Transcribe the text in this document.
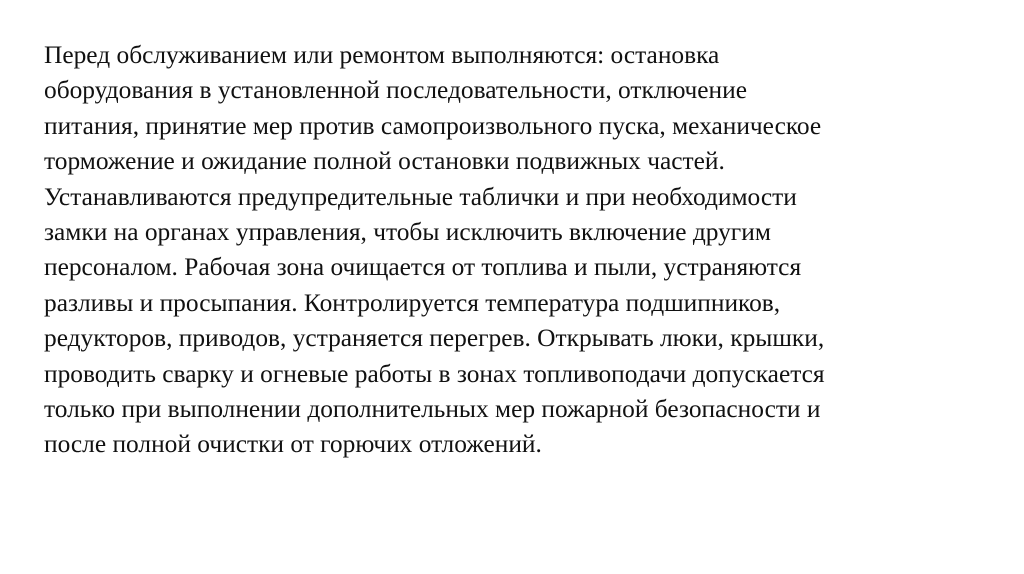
Перед обслуживанием или ремонтом выполняются: остановка
оборудования в установленной последовательности, отключение
питания, принятие мер против самопроизвольного пуска, механическое
торможение и ожидание полной остановки подвижных частей.
Устанавливаются предупредительные таблички и при необходимости
замки на органах управления, чтобы исключить включение другим
персоналом. Рабочая зона очищается от топлива и пыли, устраняются
разливы и просыпания. Контролируется температура подшипников,
редукторов, приводов, устраняется перегрев. Открывать люки, крышки,
проводить сварку и огневые работы в зонах топливоподачи допускается
только при выполнении дополнительных мер пожарной безопасности и
после полной очистки от горючих отложений.
